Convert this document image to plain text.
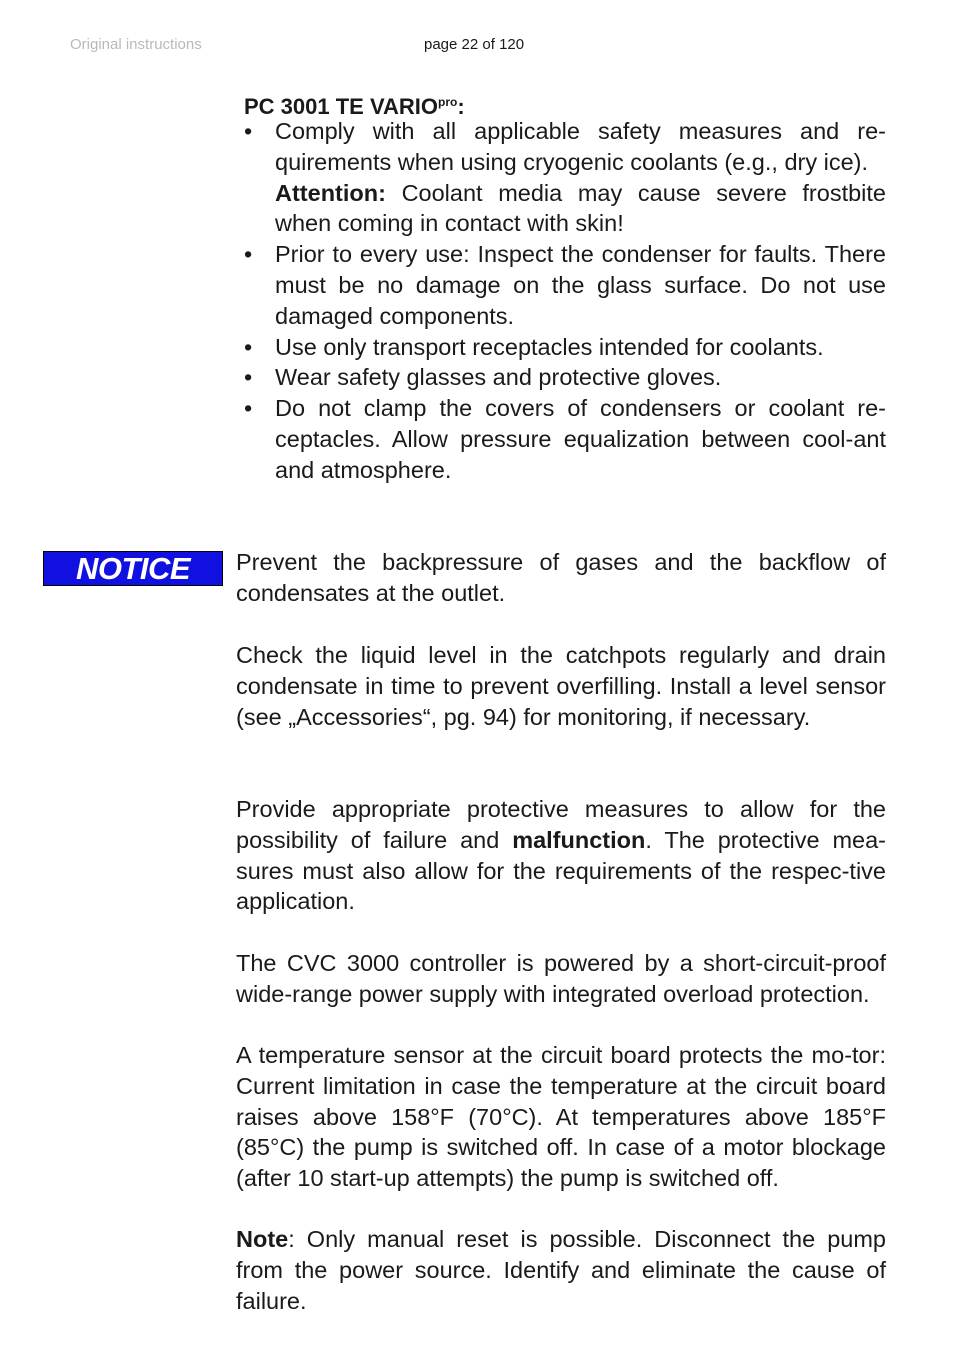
Original instructions	page 22 of 120
PC 3001 TE $VARIO^{pro}$:
• Comply with all applicable safety measures and re-quirements when using cryogenic coolants (e.g., dry ice).
Attention: Coolant media may cause severe frostbite when coming in contact with skin!
• Prior to every use: Inspect the condenser for faults. There must be no damage on the glass surface. Do not use damaged components.
• Use only transport receptacles intended for coolants.
• Wear safety glasses and protective gloves.
• Do not clamp the covers of condensers or coolant re-ceptacles. Allow pressure equalization between cool-ant and atmosphere.
NOTICE	Prevent the backpressure of gases and the backflow of condensates at the outlet.

Check the liquid level in the catchpots regularly and drain condensate in time to prevent overfilling. Install a level sensor (see „Accessories“, pg. 94) for monitoring, if necessary.

Provide appropriate protective measures to allow for the possibility of failure and malfunction. The protective mea-sures must also allow for the requirements of the respec-tive application.

The CVC 3000 controller is powered by a short-circuit-proof wide-range power supply with integrated overload protection.

A temperature sensor at the circuit board protects the mo-tor: Current limitation in case the temperature at the circuit board raises above 158°F (70°C). At temperatures above 185°F (85°C) the pump is switched off. In case of a motor blockage (after 10 start-up attempts) the pump is switched off.

Note: Only manual reset is possible. Disconnect the pump from the power source. Identify and eliminate the cause of failure.
